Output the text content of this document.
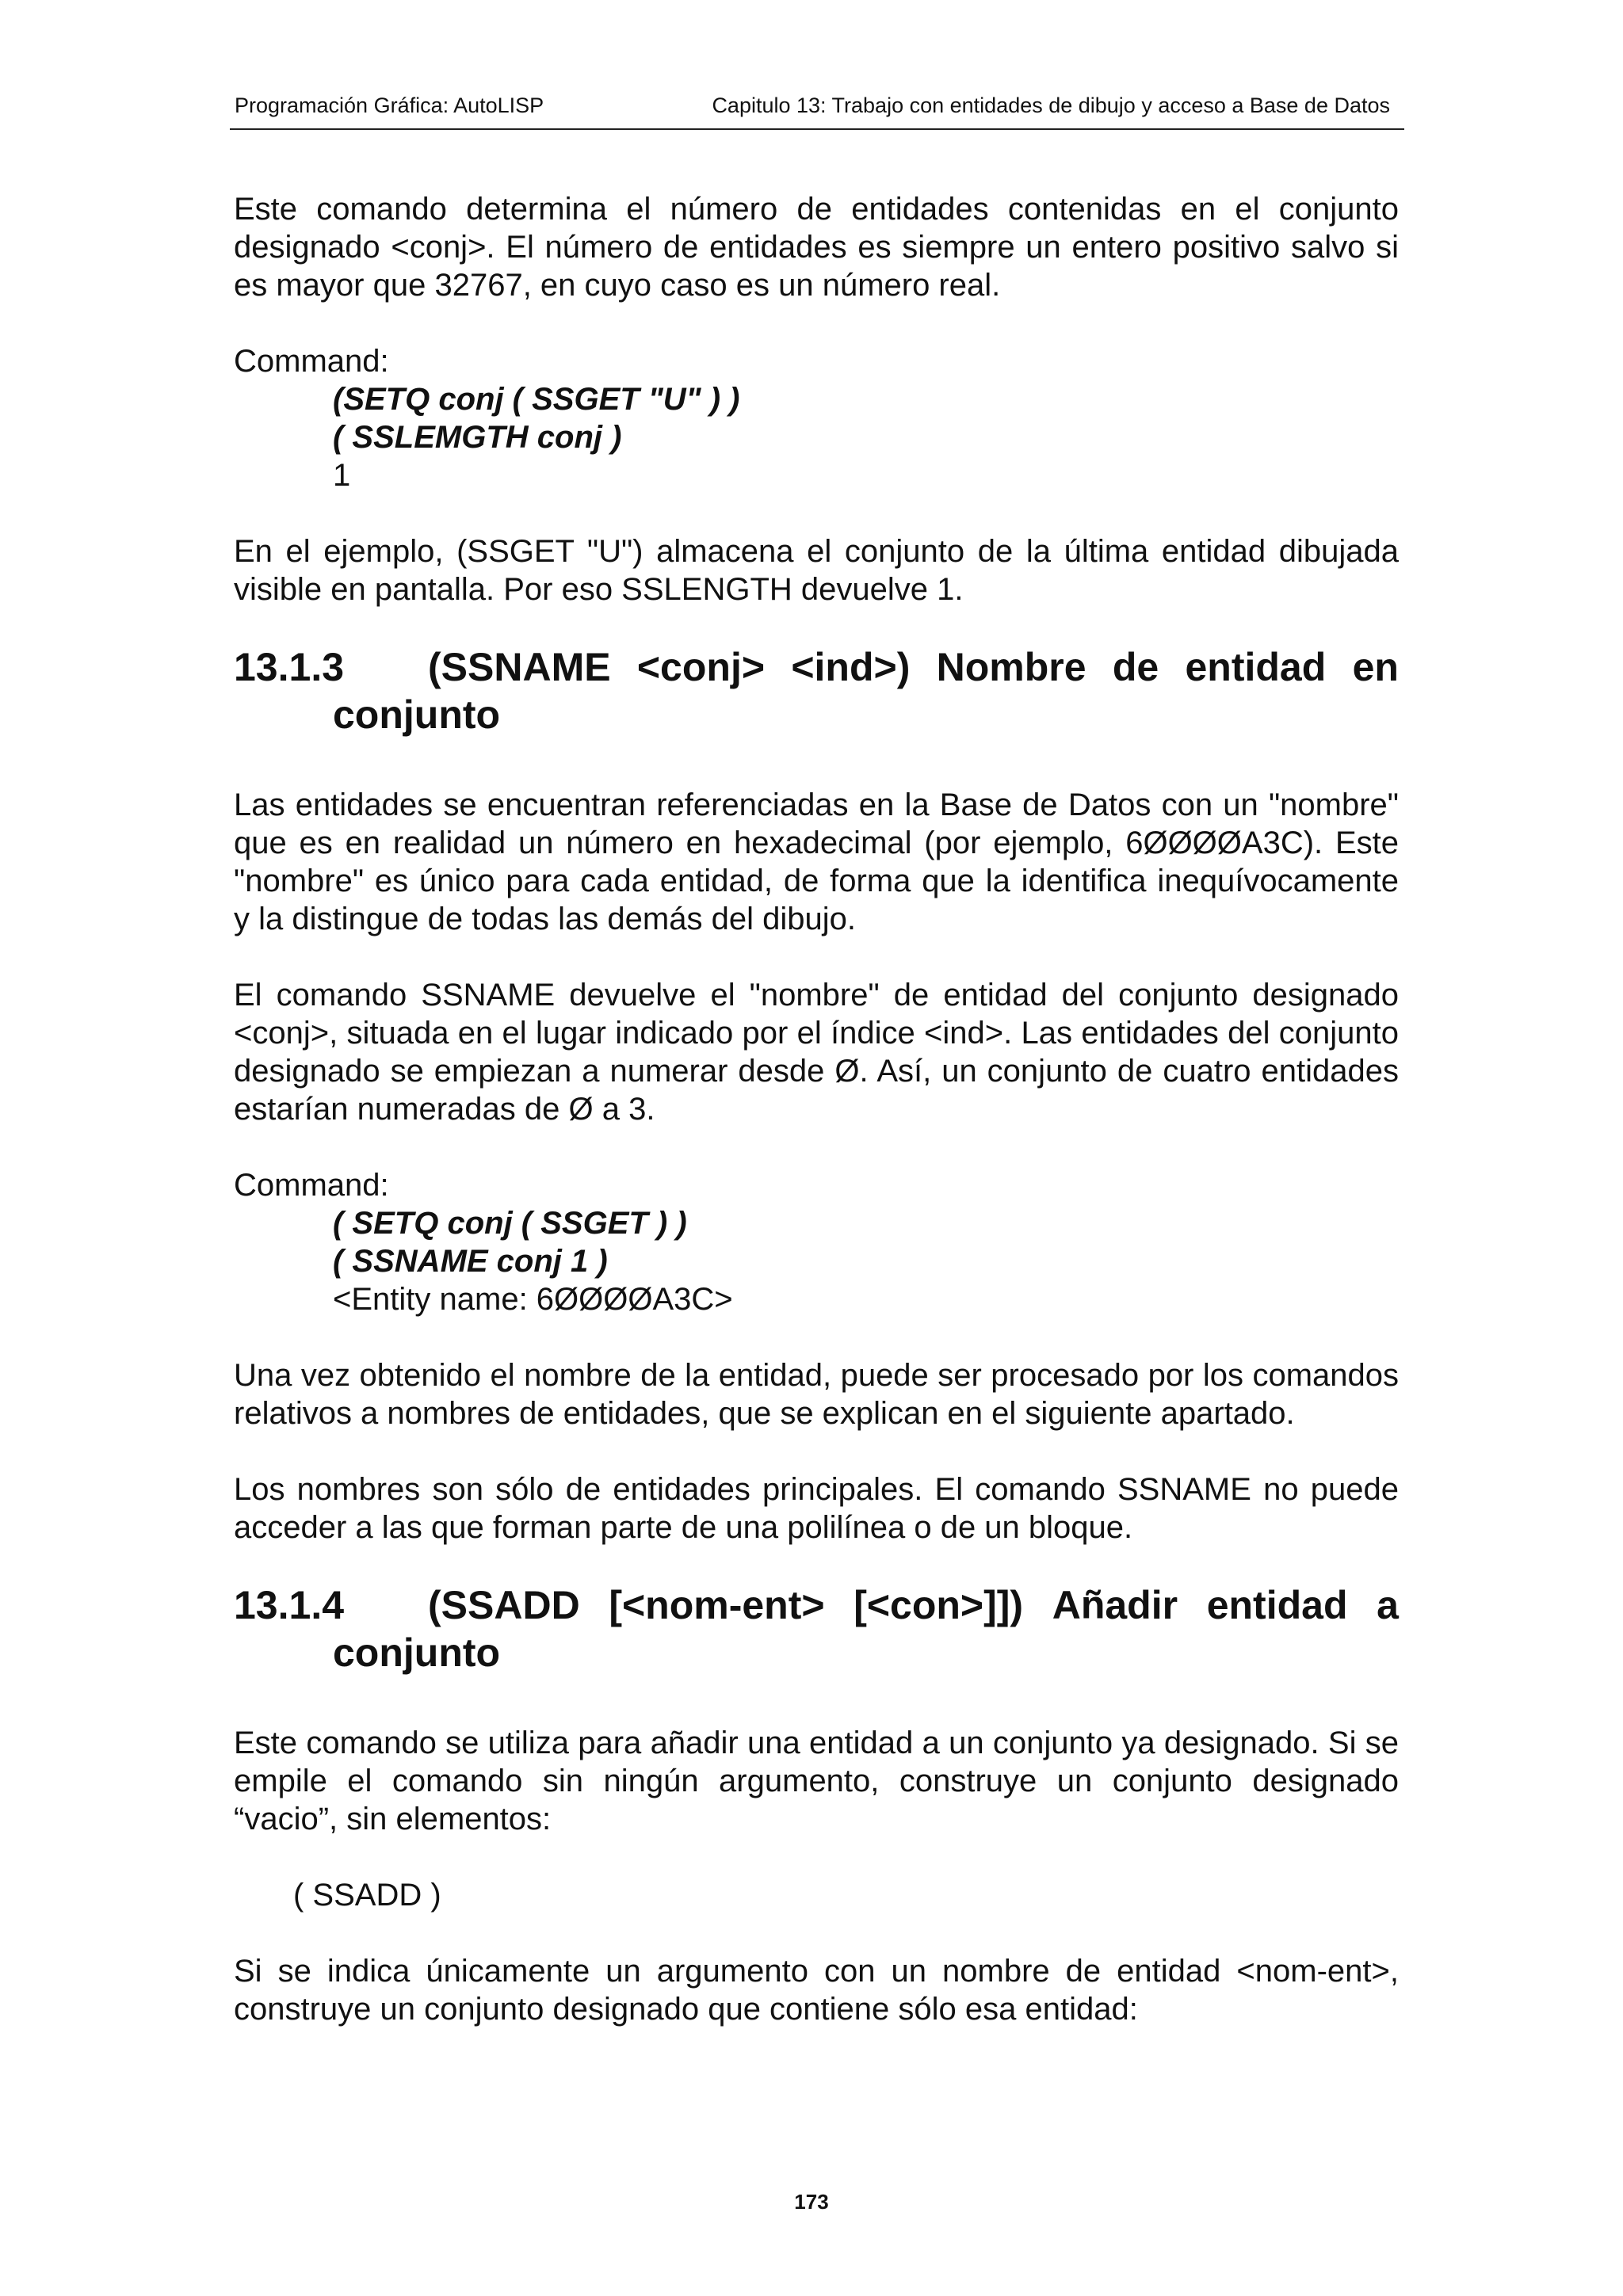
Programación Gráfica: AutoLISP	Capitulo 13: Trabajo con entidades de dibujo y acceso a Base de Datos

Este comando determina el número de entidades contenidas en el conjunto designado <conj>. El número de entidades es siempre un entero positivo salvo si es mayor que 32767, en cuyo caso es un número real.

Command:

(SETQ conj ( SSGET "U" ) )

( SSLEMGTH conj )

1

En el ejemplo, (SSGET "U") almacena el conjunto de la última entidad dibujada visible en pantalla. Por eso SSLENGTH devuelve 1.

13.1.3	(SSNAME <conj> <ind>) Nombre de entidad en
conjunto

Las entidades se encuentran referenciadas en la Base de Datos con un "nombre" que es en realidad un número en hexadecimal (por ejemplo, 6ØØØØA3C). Este "nombre" es único para cada entidad, de forma que la identifica inequívocamente y la distingue de todas las demás del dibujo.

El comando SSNAME devuelve el "nombre" de entidad del conjunto designado <conj>, situada en el lugar indicado por el índice <ind>. Las entidades del conjunto designado se empiezan a numerar desde Ø. Así, un conjunto de cuatro entidades estarían numeradas de Ø a 3.

Command:

( SETQ conj ( SSGET ) )

( SSNAME conj 1 )

<Entity name: 6ØØØØA3C>

Una vez obtenido el nombre de la entidad, puede ser procesado por los comandos relativos a nombres de entidades, que se explican en el siguiente apartado.

Los nombres son sólo de entidades principales. El comando SSNAME no puede acceder a las que forman parte de una polilínea o de un bloque.

13.1.4	(SSADD [<nom-ent> [<con>]]) Añadir entidad a
conjunto

Este comando se utiliza para añadir una entidad a un conjunto ya designado. Si se empile el comando sin ningún argumento, construye un conjunto designado “vacio”, sin elementos:

( SSADD )

Si se indica únicamente un argumento con un nombre de entidad <nom-ent>, construye un conjunto designado que contiene sólo esa entidad:

173
